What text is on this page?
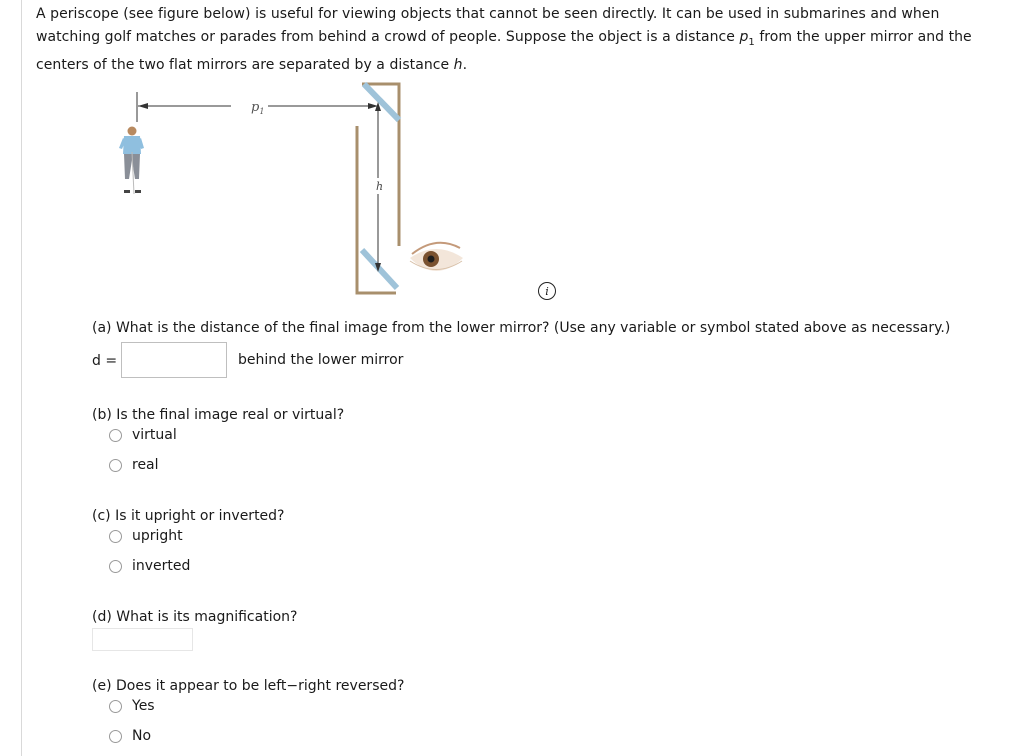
A periscope (see figure below) is useful for viewing objects that cannot be seen directly. It can be used in submarines and when watching golf matches or parades from behind a crowd of people. Suppose the object is a distance $p_1$ from the upper mirror and the centers of the two flat mirrors are separated by a distance h.
$p_1$
h
i
(a) What is the distance of the final image from the lower mirror? (Use any variable or symbol stated above as necessary.)
d =	behind the lower mirror
(b) Is the final image real or virtual?
virtual
real
(c) Is it upright or inverted?
upright
inverted
(d) What is its magnification?
(e) Does it appear to be left−right reversed?
Yes
No
